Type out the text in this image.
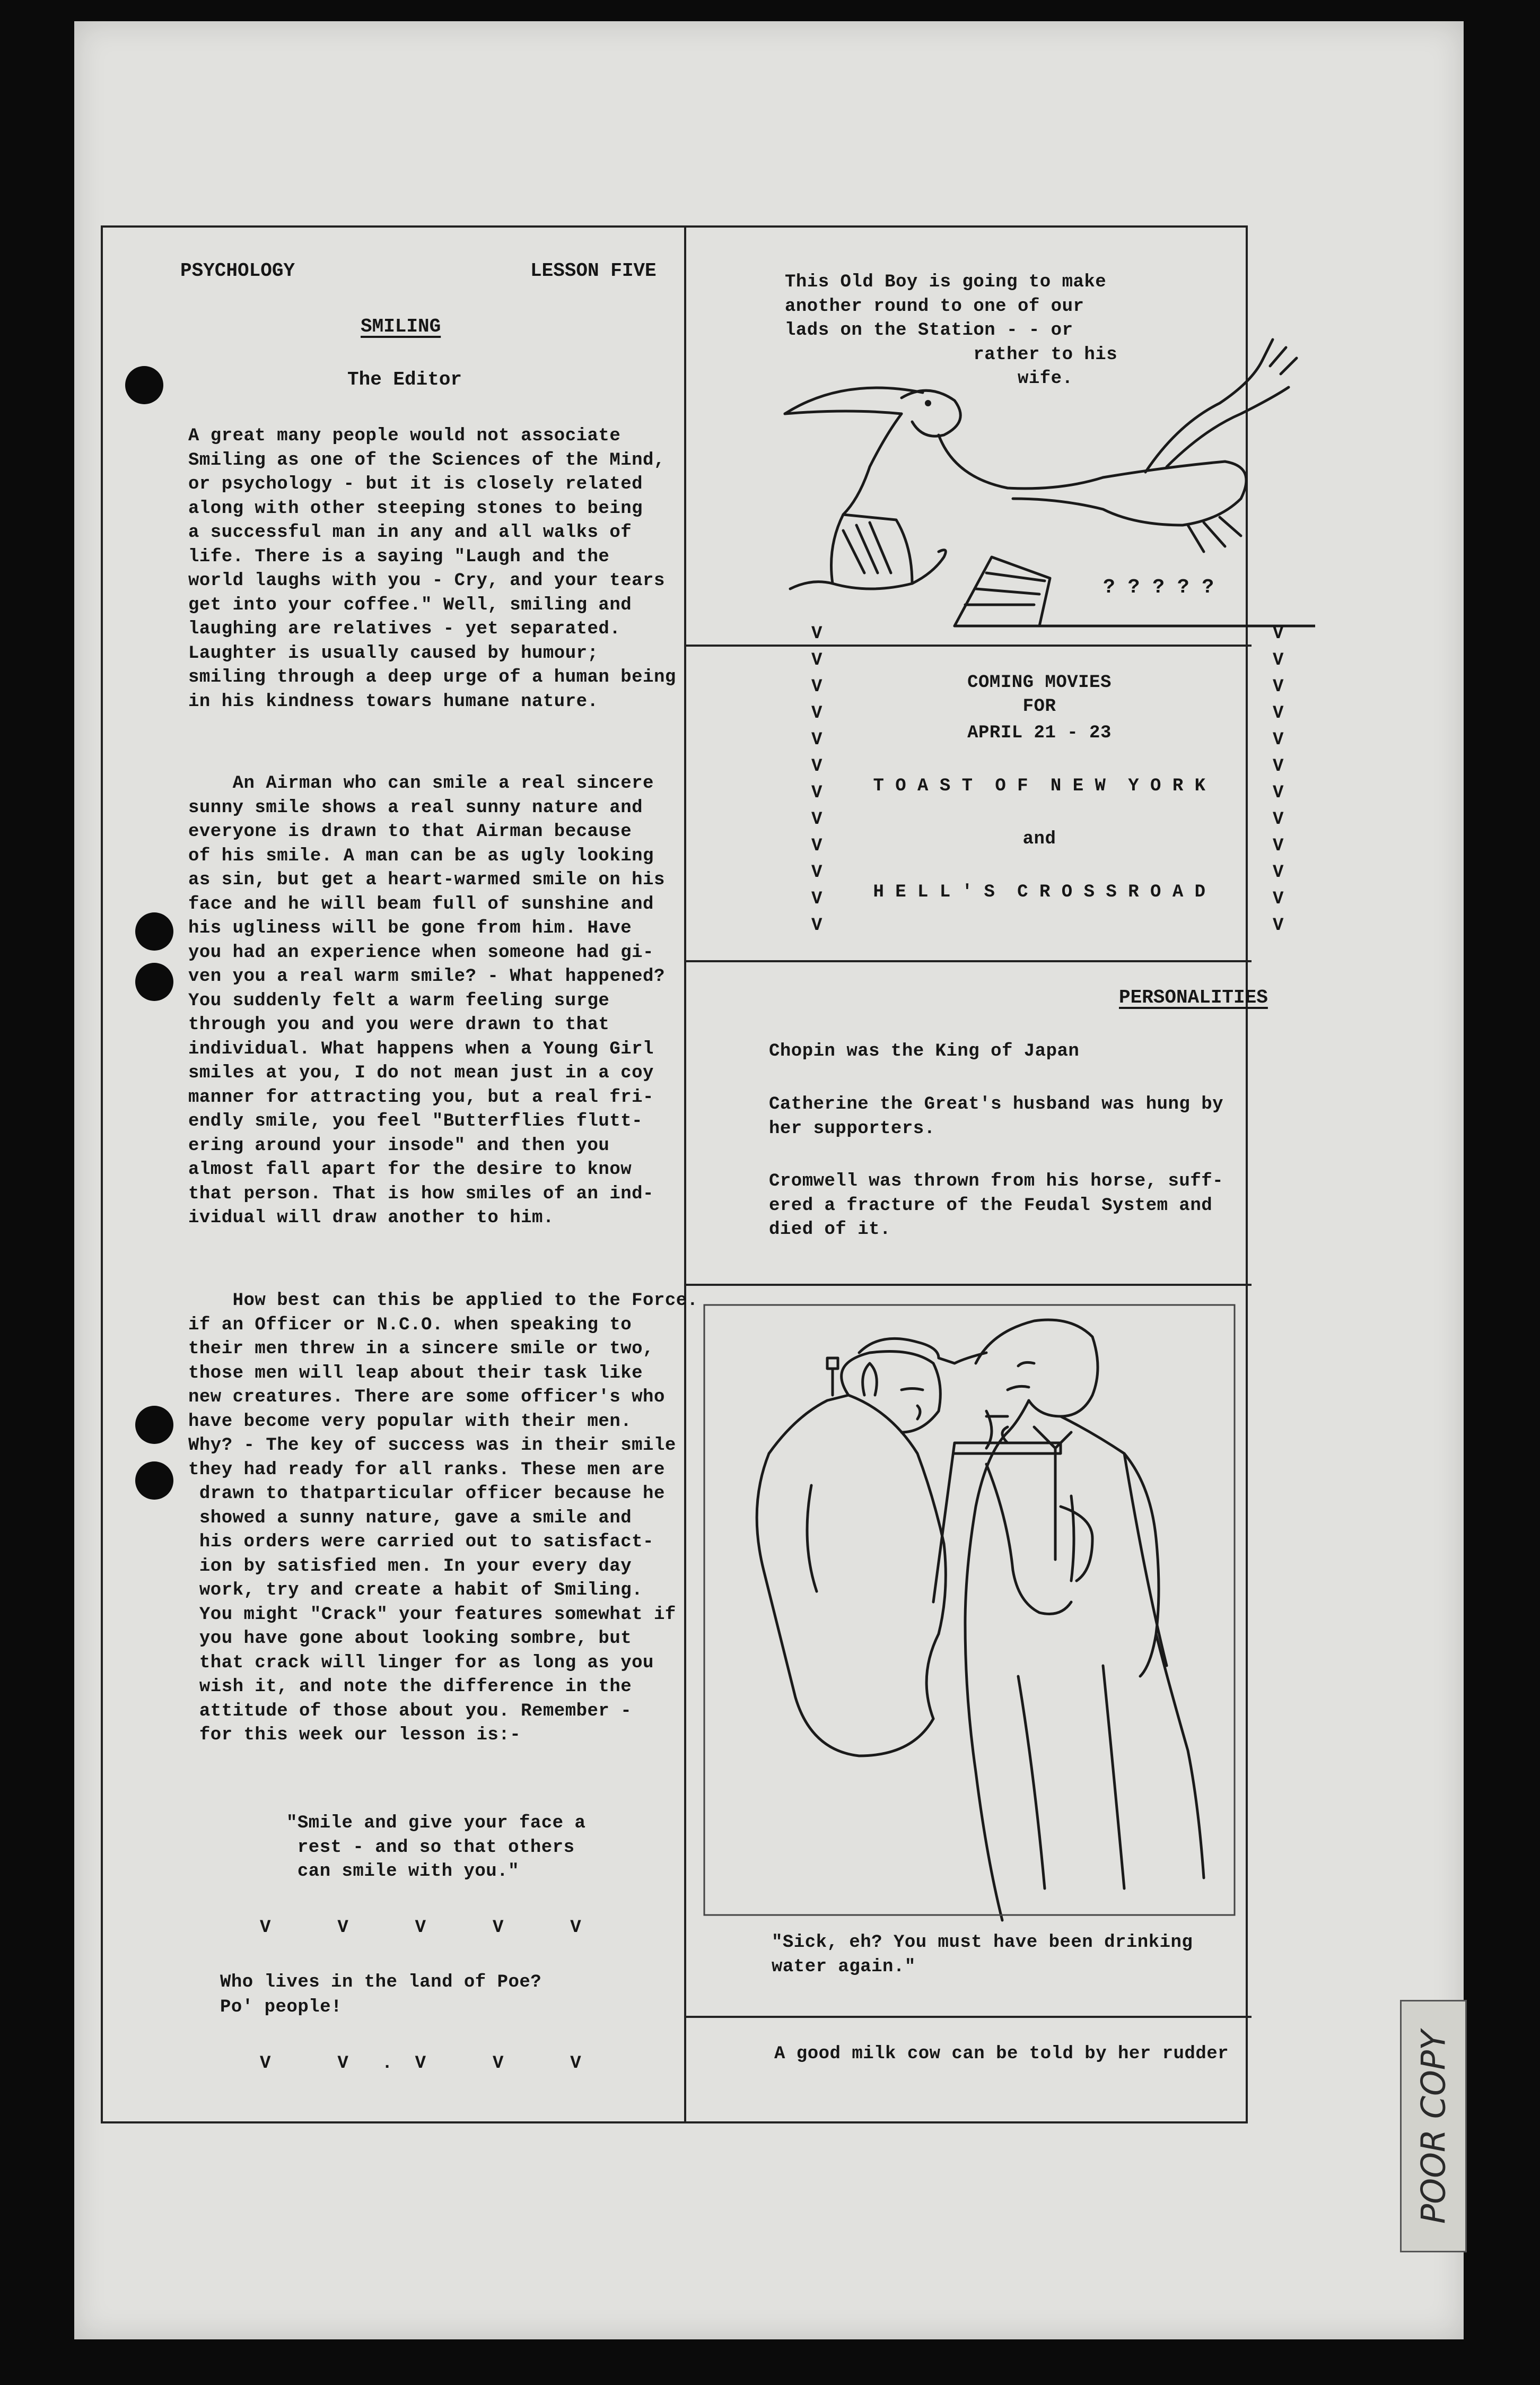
PSYCHOLOGY	LESSON FIVE
SMILING
The Editor
A great many people would not associate
Smiling as one of the Sciences of the Mind,
or psychology - but it is closely related
along with other steeping stones to being
a successful man in any and all walks of
life. There is a saying "Laugh and the
world laughs with you - Cry, and your tears
get into your coffee." Well, smiling and
laughing are relatives - yet separated.
Laughter is usually caused by humour;
smiling through a deep urge of a human being
in his kindness towars humane nature.
An Airman who can smile a real sincere
sunny smile shows a real sunny nature and
everyone is drawn to that Airman because
of his smile. A man can be as ugly looking
as sin, but get a heart-warmed smile on his
face and he will beam full of sunshine and
his ugliness will be gone from him. Have
you had an experience when someone had gi-
ven you a real warm smile? - What happened?
You suddenly felt a warm feeling surge
through you and you were drawn to that
individual. What happens when a Young Girl
smiles at you, I do not mean just in a coy
manner for attracting you, but a real fri-
endly smile, you feel "Butterflies flutt-
ering around your insode" and then you
almost fall apart for the desire to know
that person. That is how smiles of an ind-
ividual will draw another to him.
How best can this be applied to the Force.
if an Officer or N.C.O. when speaking to
their men threw in a sincere smile or two,
those men will leap about their task like
new creatures. There are some officer's who
have become very popular with their men.
Why? - The key of success was in their smile
they had ready for all ranks. These men are
drawn to thatparticular officer because he
showed a sunny nature, gave a smile and
his orders were carried out to satisfact-
ion by satisfied men. In your every day
work, try and create a habit of Smiling.
You might "Crack" your features somewhat if
you have gone about looking sombre, but
that crack will linger for as long as you
wish it, and note the difference in the
attitude of those about you. Remember -
for this week our lesson is:-
"Smile and give your face a
rest - and so that others
can smile with you."
V      V      V      V      V
Who lives in the land of Poe?
Po' people!
V      V   .  V      V      V
This Old Boy is going to make
another round to one of our
lads on the Station - - or
rather to his
wife.
? ? ? ? ?
V
V
V
V
V
V
V
V
V
V
V
V
V
V
V
V
V
V
V
V
V
V
V
V
COMING MOVIES
FOR
APRIL 21 - 23
T O A S T  O F  N E W  Y O R K
and
H E L L ' S  C R O S S R O A D
PERSONALITIES
Chopin was the King of Japan
Catherine the Great's husband was hung by
her supporters.
Cromwell was thrown from his horse, suff-
ered a fracture of the Feudal System and
died of it.
"Sick, eh? You must have been drinking
water again."
A good milk cow can be told by her rudder	POOR COPY
